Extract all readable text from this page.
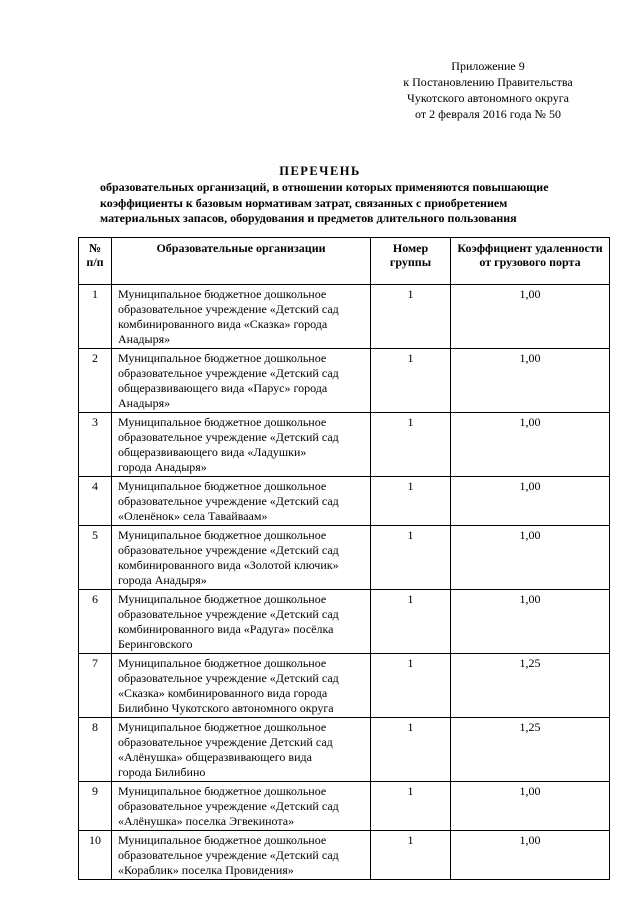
Приложение 9
к Постановлению Правительства
Чукотского автономного округа
от 2 февраля 2016 года № 50
ПЕРЕЧЕНЬ
образовательных организаций, в отношении которых применяются повышающие
коэффициенты к базовым нормативам затрат, связанных с приобретением
материальных запасов, оборудования и предметов длительного пользования
№ п/п	Образовательные организации	Номер группы	Коэффициент удаленности от грузового порта
1	Муниципальное бюджетное дошкольное
образовательное учреждение «Детский сад
комбинированного вида «Сказка» города
Анадыря»	1	1,00
2	Муниципальное бюджетное дошкольное
образовательное учреждение «Детский сад
общеразвивающего вида «Парус» города
Анадыря»	1	1,00
3	Муниципальное бюджетное дошкольное
образовательное учреждение «Детский сад
общеразвивающего вида «Ладушки»
города Анадыря»	1	1,00
4	Муниципальное бюджетное дошкольное
образовательное учреждение «Детский сад
«Оленёнок» села Тавайваам»	1	1,00
5	Муниципальное бюджетное дошкольное
образовательное учреждение «Детский сад
комбинированного вида «Золотой ключик»
города Анадыря»	1	1,00
6	Муниципальное бюджетное дошкольное
образовательное учреждение «Детский сад
комбинированного вида «Радуга» посёлка
Беринговского	1	1,00
7	Муниципальное бюджетное дошкольное
образовательное учреждение «Детский сад
«Сказка» комбинированного вида города
Билибино Чукотского автономного округа	1	1,25
8	Муниципальное бюджетное дошкольное
образовательное учреждение Детский сад
«Алёнушка» общеразвивающего вида
города Билибино	1	1,25
9	Муниципальное бюджетное дошкольное
образовательное учреждение «Детский сад
«Алёнушка» поселка Эгвекинота»	1	1,00
10	Муниципальное бюджетное дошкольное
образовательное учреждение «Детский сад
«Кораблик» поселка Провидения»	1	1,00
